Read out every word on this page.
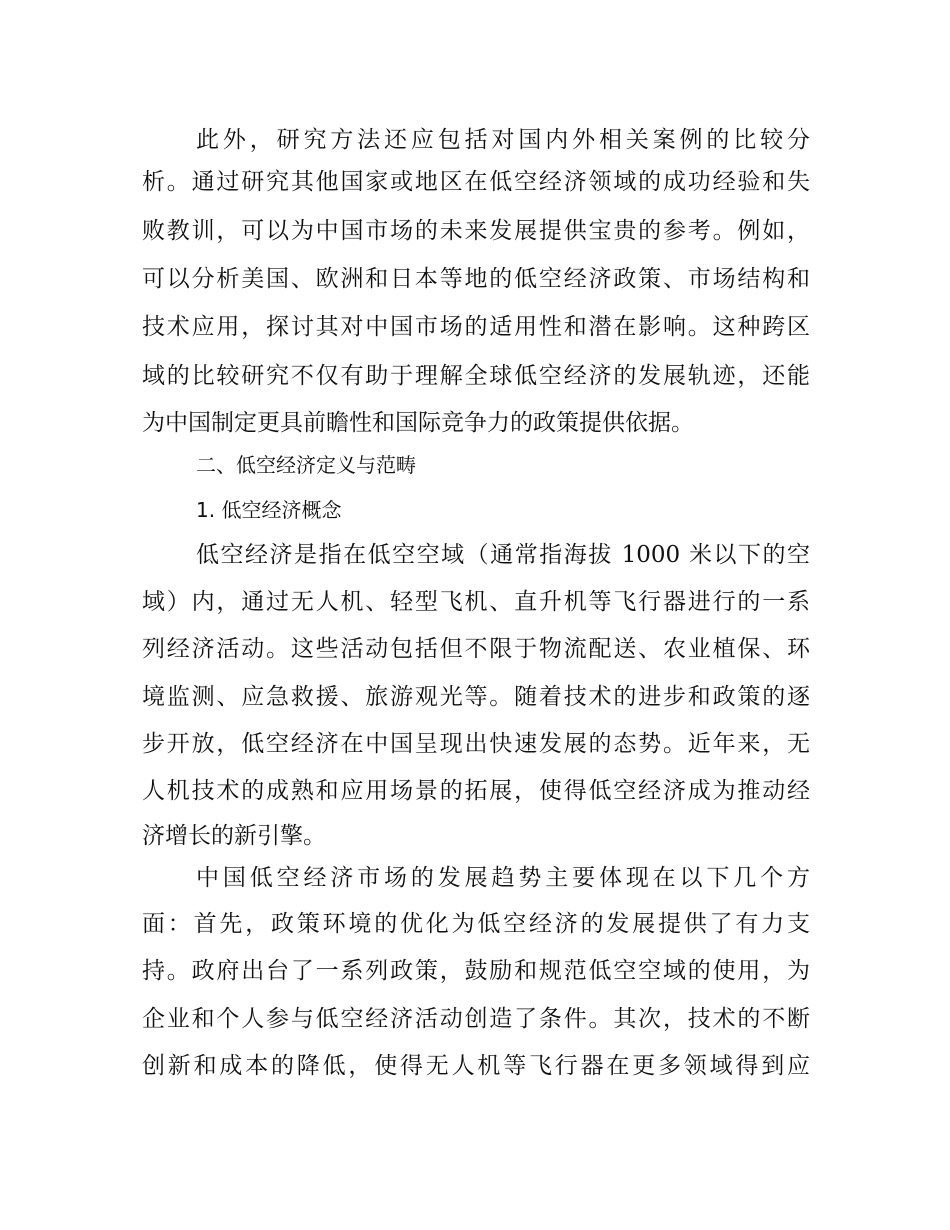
此外，研究方法还应包括对国内外相关案例的比较分
析。通过研究其他国家或地区在低空经济领域的成功经验和失
败教训，可以为中国市场的未来发展提供宝贵的参考。例如，
可以分析美国、欧洲和日本等地的低空经济政策、市场结构和
技术应用，探讨其对中国市场的适用性和潜在影响。这种跨区
域的比较研究不仅有助于理解全球低空经济的发展轨迹，还能
为中国制定更具前瞻性和国际竞争力的政策提供依据。
二、低空经济定义与范畴
1. 低空经济概念
低空经济是指在低空空域（通常指海拔 1000 米以下的空
域）内，通过无人机、轻型飞机、直升机等飞行器进行的一系
列经济活动。这些活动包括但不限于物流配送、农业植保、环
境监测、应急救援、旅游观光等。随着技术的进步和政策的逐
步开放，低空经济在中国呈现出快速发展的态势。近年来，无
人机技术的成熟和应用场景的拓展，使得低空经济成为推动经
济增长的新引擎。
中国低空经济市场的发展趋势主要体现在以下几个方
面：首先，政策环境的优化为低空经济的发展提供了有力支
持。政府出台了一系列政策，鼓励和规范低空空域的使用，为
企业和个人参与低空经济活动创造了条件。其次，技术的不断
创新和成本的降低，使得无人机等飞行器在更多领域得到应
